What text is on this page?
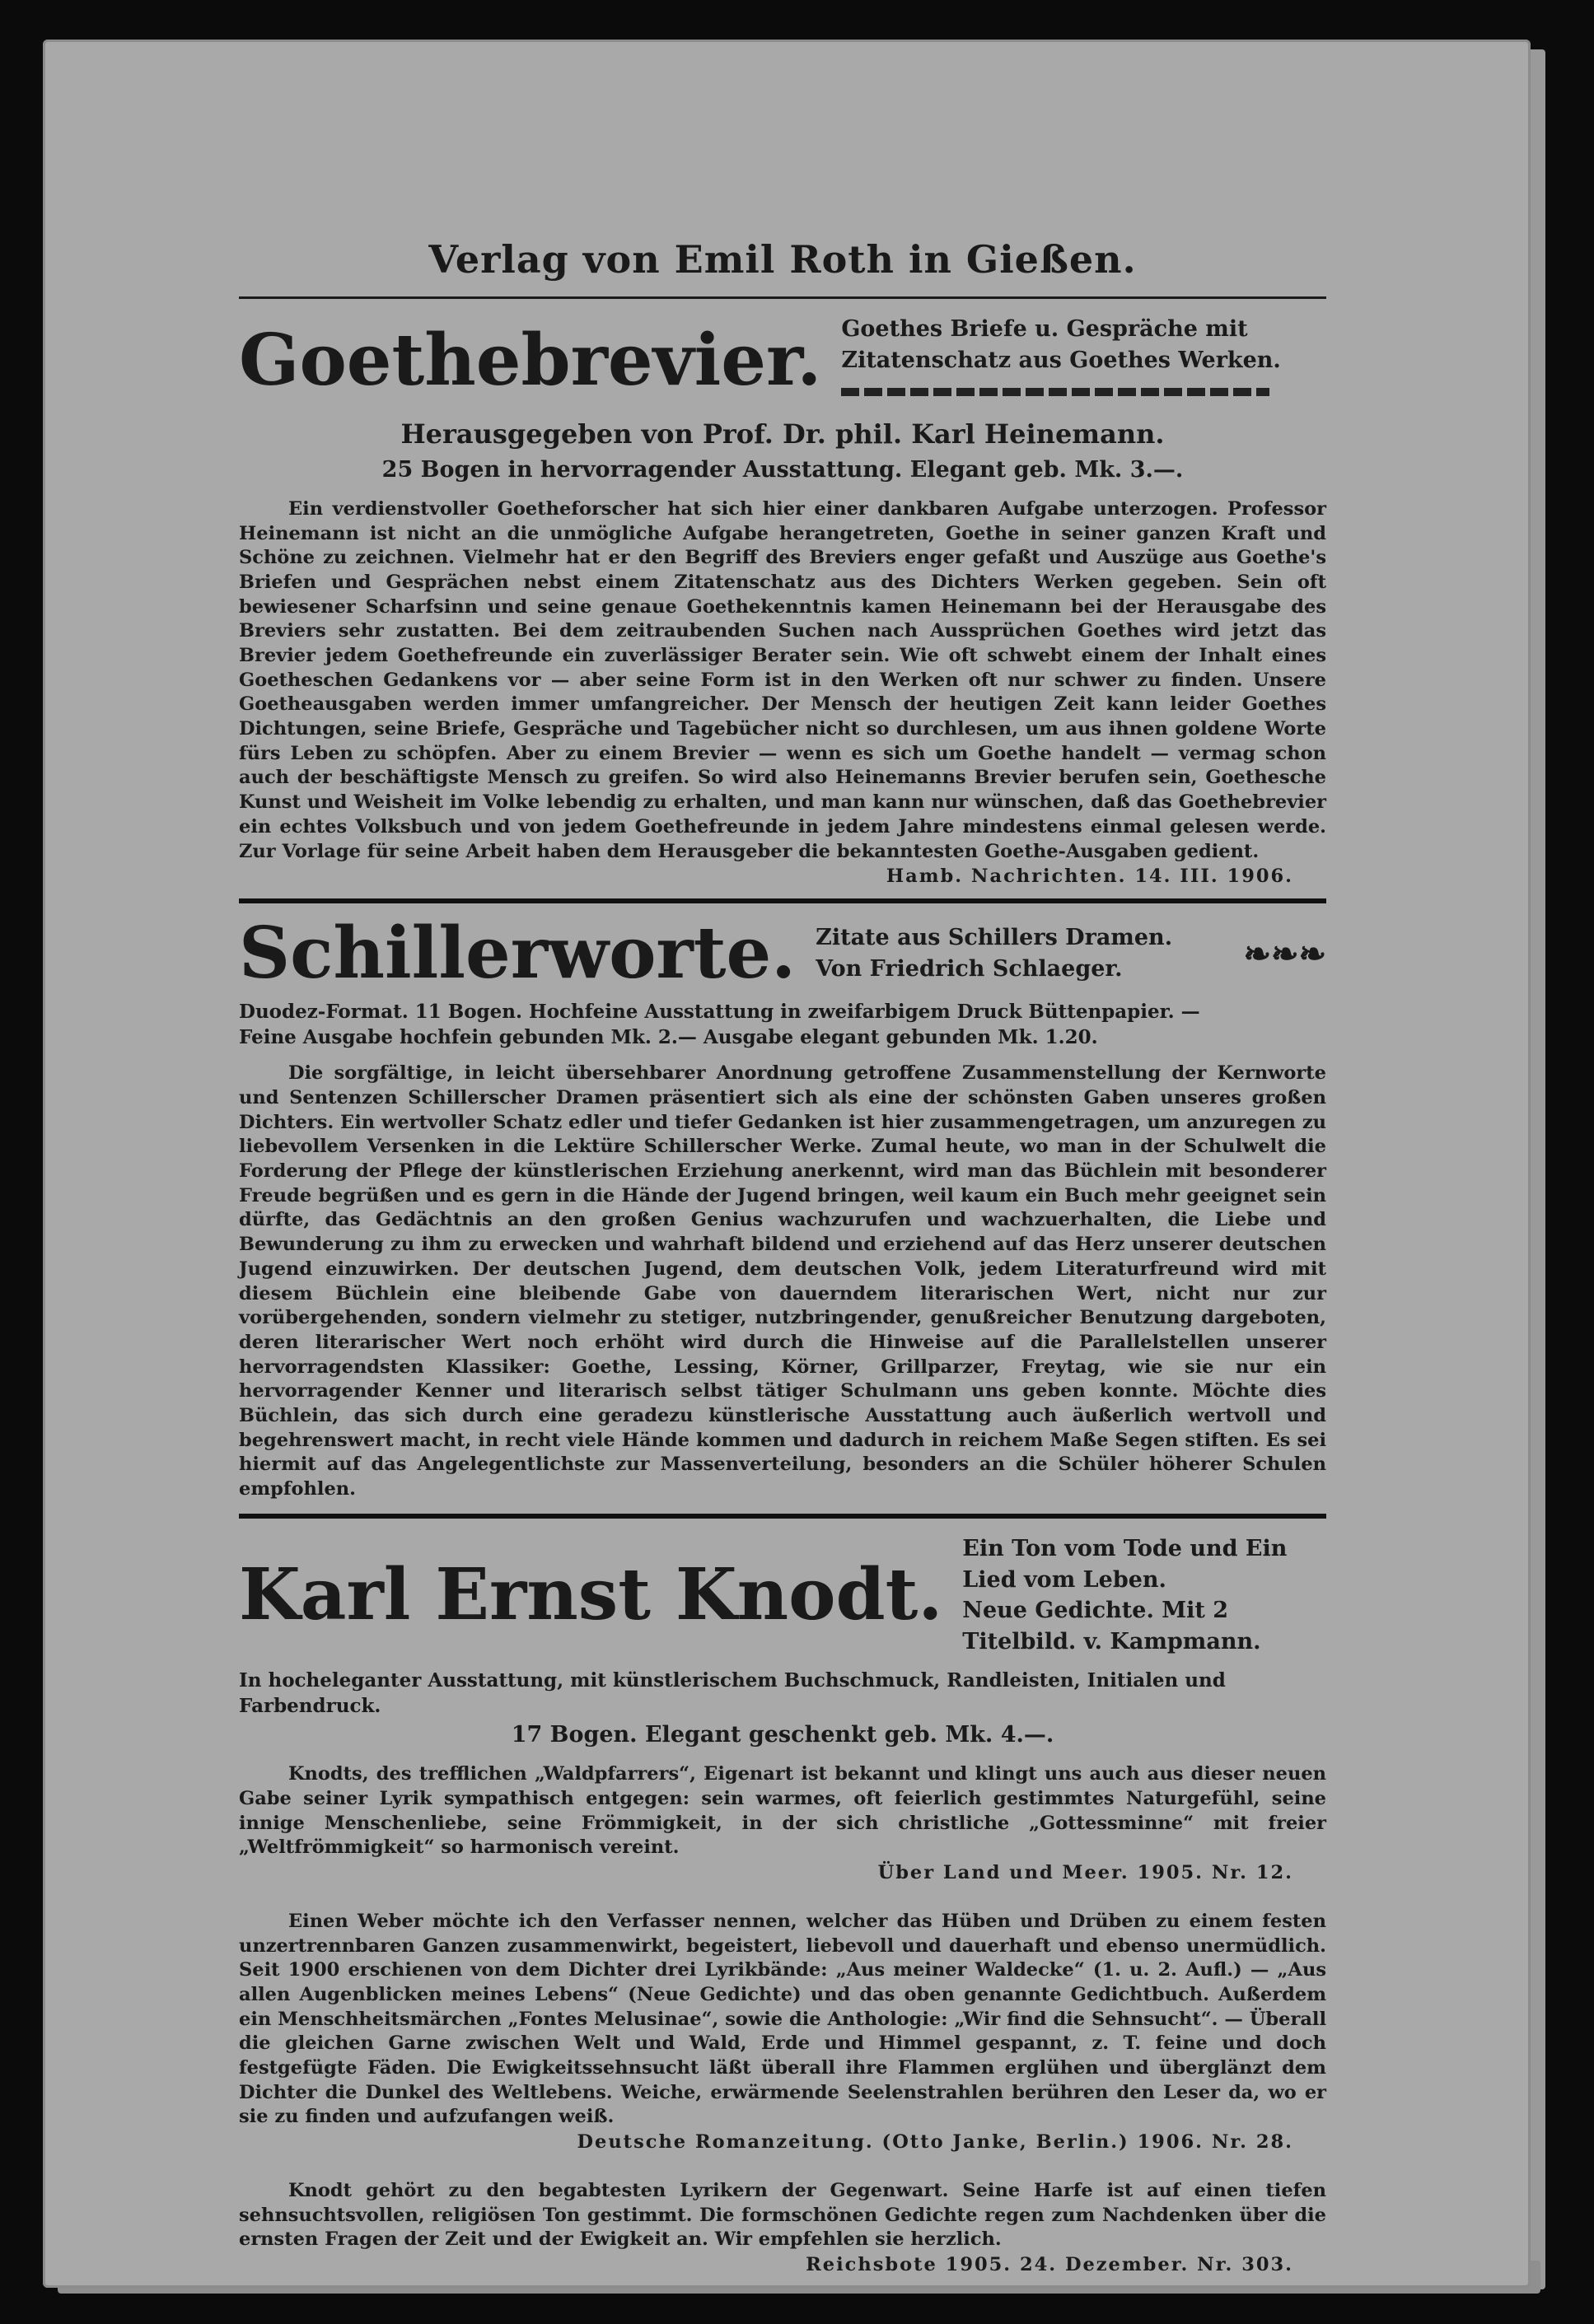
Verlag von Emil Roth in Gießen.
Goethebrevier. Goethes Briefe u. Gespräche mit Zitatenschatz aus Goethes Werken.
Herausgegeben von Prof. Dr. phil. Karl Heinemann.
25 Bogen in hervorragender Ausstattung. Elegant geb. Mk. 3.—.
Ein verdienstvoller Goetheforscher hat sich hier einer dankbaren Aufgabe unterzogen. Professor Heinemann ist nicht an die unmögliche Aufgabe herangetreten, Goethe in seiner ganzen Kraft und Schöne zu zeichnen. Vielmehr hat er den Begriff des Breviers enger gefaßt und Auszüge aus Goethe's Briefen und Gesprächen nebst einem Zitatenschatz aus des Dichters Werken gegeben. Sein oft bewiesener Scharfsinn und seine genaue Goethekenntnis kamen Heinemann bei der Herausgabe des Breviers sehr zustatten. Bei dem zeitraubenden Suchen nach Aussprüchen Goethes wird jetzt das Brevier jedem Goethefreunde ein zuverlässiger Berater sein. Wie oft schwebt einem der Inhalt eines Goetheschen Gedankens vor — aber seine Form ist in den Werken oft nur schwer zu finden. Unsere Goetheausgaben werden immer umfangreicher. Der Mensch der heutigen Zeit kann leider Goethes Dichtungen, seine Briefe, Gespräche und Tagebücher nicht so durchlesen, um aus ihnen goldene Worte fürs Leben zu schöpfen. Aber zu einem Brevier — wenn es sich um Goethe handelt — vermag schon auch der beschäftigste Mensch zu greifen. So wird also Heinemanns Brevier berufen sein, Goethesche Kunst und Weisheit im Volke lebendig zu erhalten, und man kann nur wünschen, daß das Goethebrevier ein echtes Volksbuch und von jedem Goethefreunde in jedem Jahre mindestens einmal gelesen werde. Zur Vorlage für seine Arbeit haben dem Herausgeber die bekanntesten Goethe-Ausgaben gedient.
Hamb. Nachrichten. 14. III. 1906.
Schillerworte. Zitate aus Schillers Dramen.
Von Friedrich Schlaeger.	❧❧❧
Duodez-Format. 11 Bogen. Hochfeine Ausstattung in zweifarbigem Druck Büttenpapier. —
Feine Ausgabe hochfein gebunden Mk. 2.— Ausgabe elegant gebunden Mk. 1.20.
Die sorgfältige, in leicht übersehbarer Anordnung getroffene Zusammenstellung der Kernworte und Sentenzen Schillerscher Dramen präsentiert sich als eine der schönsten Gaben unseres großen Dichters. Ein wertvoller Schatz edler und tiefer Gedanken ist hier zusammengetragen, um anzuregen zu liebevollem Versenken in die Lektüre Schillerscher Werke. Zumal heute, wo man in der Schulwelt die Forderung der Pflege der künstlerischen Erziehung anerkennt, wird man das Büchlein mit besonderer Freude begrüßen und es gern in die Hände der Jugend bringen, weil kaum ein Buch mehr geeignet sein dürfte, das Gedächtnis an den großen Genius wachzurufen und wachzuerhalten, die Liebe und Bewunderung zu ihm zu erwecken und wahrhaft bildend und erziehend auf das Herz unserer deutschen Jugend einzuwirken. Der deutschen Jugend, dem deutschen Volk, jedem Literaturfreund wird mit diesem Büchlein eine bleibende Gabe von dauerndem literarischen Wert, nicht nur zur vorübergehenden, sondern vielmehr zu stetiger, nutzbringender, genußreicher Benutzung dargeboten, deren literarischer Wert noch erhöht wird durch die Hinweise auf die Parallelstellen unserer hervorragendsten Klassiker: Goethe, Lessing, Körner, Grillparzer, Freytag, wie sie nur ein hervorragender Kenner und literarisch selbst tätiger Schulmann uns geben konnte. Möchte dies Büchlein, das sich durch eine geradezu künstlerische Ausstattung auch äußerlich wertvoll und begehrenswert macht, in recht viele Hände kommen und dadurch in reichem Maße Segen stiften. Es sei hiermit auf das Angelegentlichste zur Massenverteilung, besonders an die Schüler höherer Schulen empfohlen.
Karl Ernst Knodt.
Ein Ton vom Tode und Ein Lied vom Leben.
Neue Gedichte. Mit 2 Titelbild. v. Kampmann.
In hocheleganter Ausstattung, mit künstlerischem Buchschmuck, Randleisten, Initialen und Farbendruck.
17 Bogen. Elegant geschenkt geb. Mk. 4.—.
Knodts, des trefflichen „Waldpfarrers“, Eigenart ist bekannt und klingt uns auch aus dieser neuen Gabe seiner Lyrik sympathisch entgegen: sein warmes, oft feierlich gestimmtes Naturgefühl, seine innige Menschenliebe, seine Frömmigkeit, in der sich christliche „Gottessminne“ mit freier „Weltfrömmigkeit“ so harmonisch vereint.
Über Land und Meer. 1905. Nr. 12.
Einen Weber möchte ich den Verfasser nennen, welcher das Hüben und Drüben zu einem festen unzertrennbaren Ganzen zusammenwirkt, begeistert, liebevoll und dauerhaft und ebenso unermüdlich. Seit 1900 erschienen von dem Dichter drei Lyrikbände: „Aus meiner Waldecke“ (1. u. 2. Aufl.) — „Aus allen Augenblicken meines Lebens“ (Neue Gedichte) und das oben genannte Gedichtbuch. Außerdem ein Menschheitsmärchen „Fontes Melusinae“, sowie die Anthologie: „Wir find die Sehnsucht“. — Überall die gleichen Garne zwischen Welt und Wald, Erde und Himmel gespannt, z. T. feine und doch festgefügte Fäden. Die Ewigkeitssehnsucht läßt überall ihre Flammen erglühen und überglänzt dem Dichter die Dunkel des Weltlebens. Weiche, erwärmende Seelenstrahlen berühren den Leser da, wo er sie zu finden und aufzufangen weiß.
Deutsche Romanzeitung. (Otto Janke, Berlin.) 1906. Nr. 28.
Knodt gehört zu den begabtesten Lyrikern der Gegenwart. Seine Harfe ist auf einen tiefen sehnsuchtsvollen, religiösen Ton gestimmt. Die formschönen Gedichte regen zum Nachdenken über die ernsten Fragen der Zeit und der Ewigkeit an. Wir empfehlen sie herzlich.
Reichsbote 1905. 24. Dezember. Nr. 303.
